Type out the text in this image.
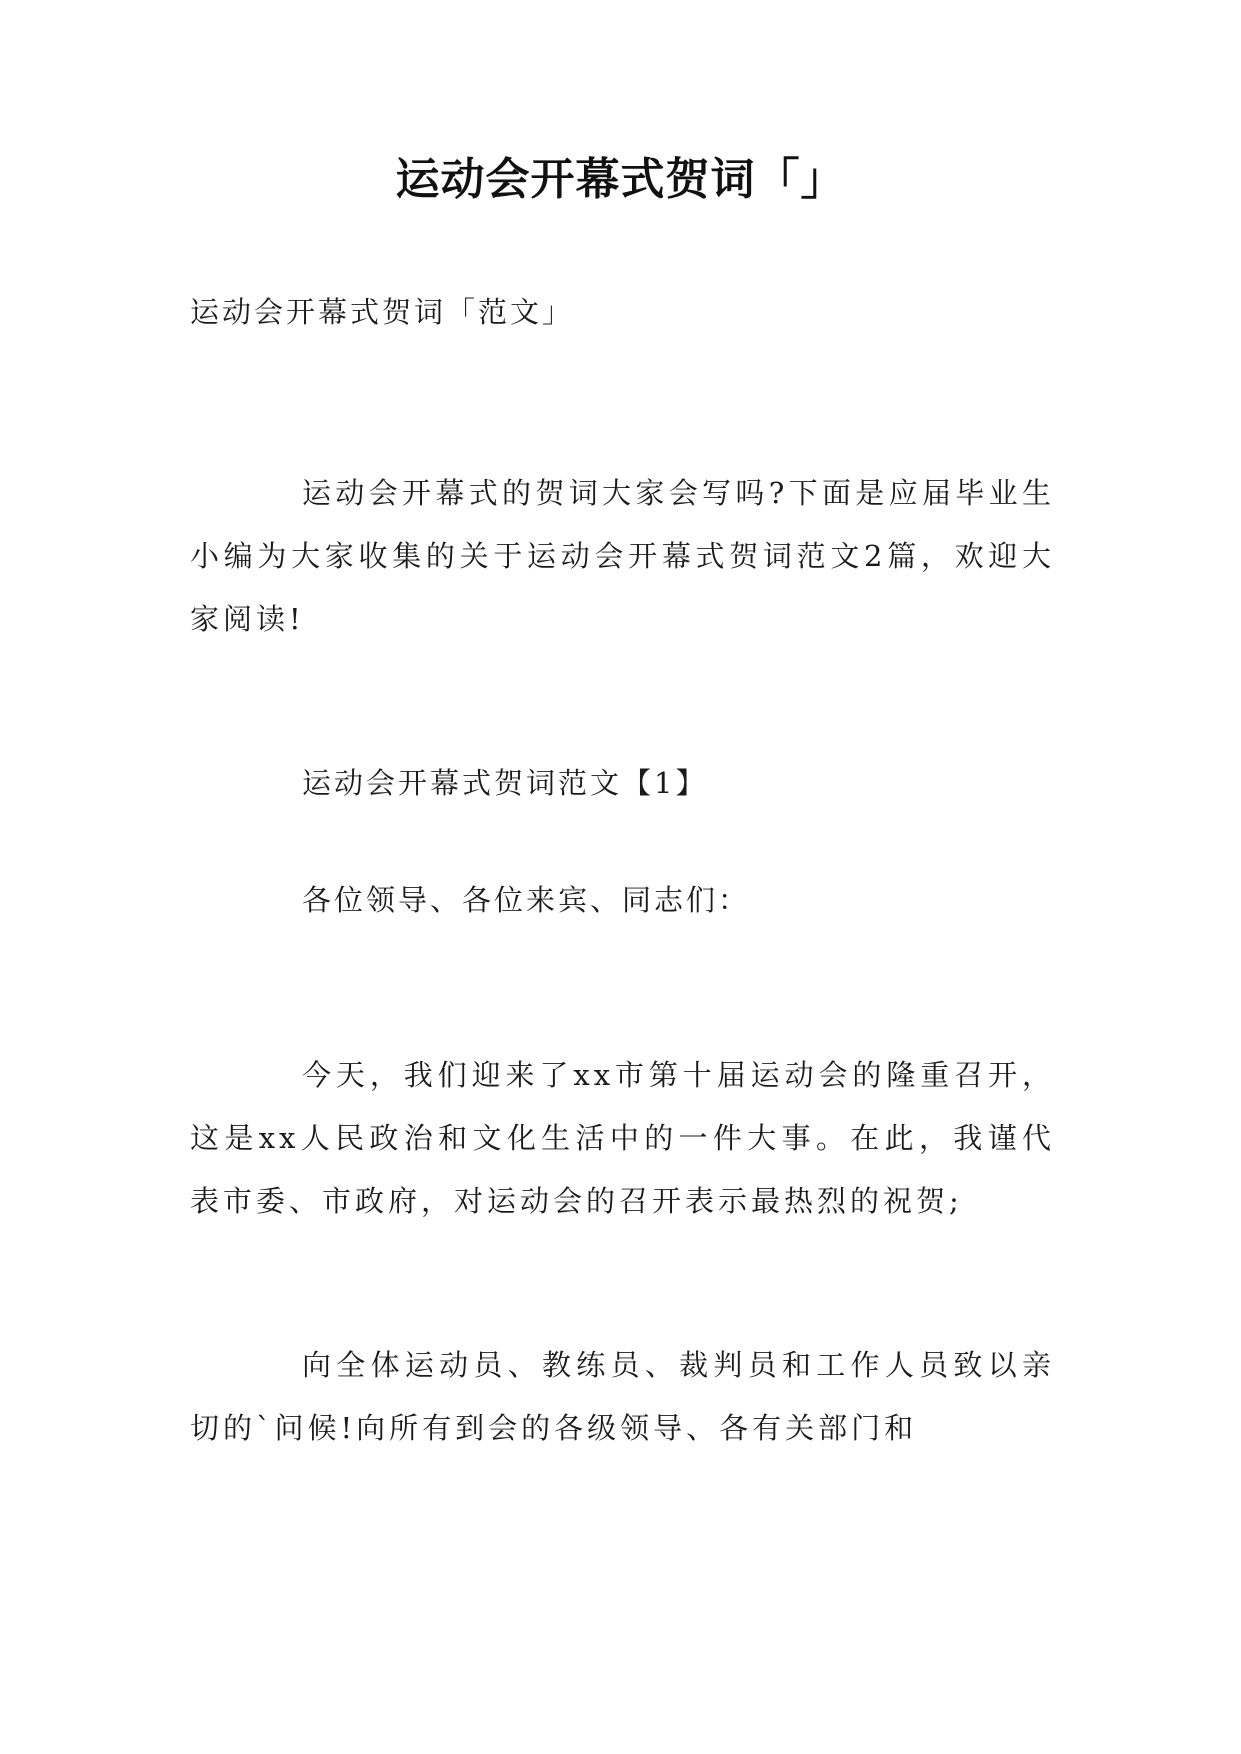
运动会开幕式贺词「」
运动会开幕式贺词「范文」

运动会开幕式的贺词大家会写吗?下面是应届毕业生小编为大家收集的关于运动会开幕式贺词范文2篇，欢迎大家阅读!

运动会开幕式贺词范文【1】
各位领导、各位来宾、同志们：

今天，我们迎来了xx市第十届运动会的隆重召开，这是xx人民政治和文化生活中的一件大事。在此，我谨代表市委、市政府，对运动会的召开表示最热烈的祝贺;

向全体运动员、教练员、裁判员和工作人员致以亲切的`问候!向所有到会的各级领导、各有关部门和
